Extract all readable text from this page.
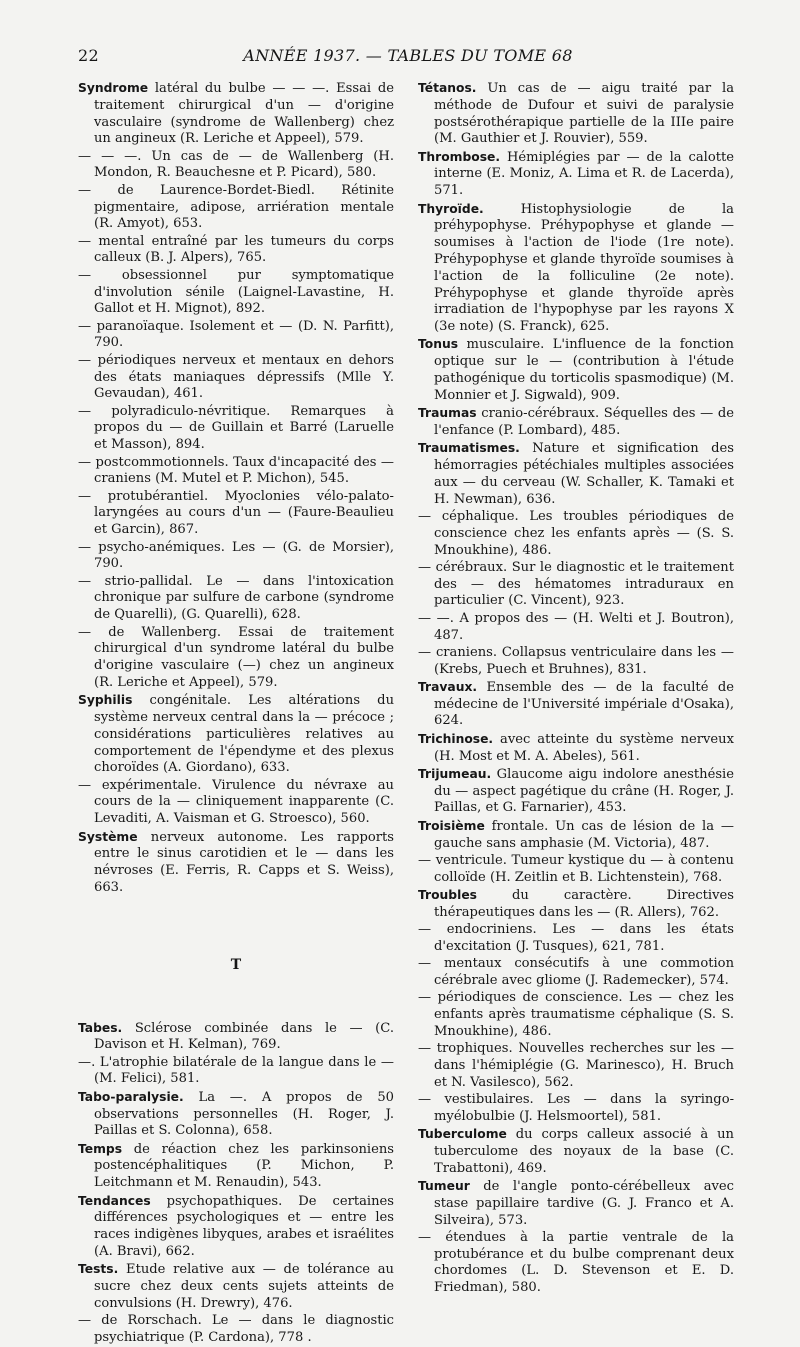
22	ANNÉE 1937. — TABLES DU TOME 68
Syndrome latéral du bulbe — — —. Essai de traitement chirurgical d'un — d'origine vasculaire (syndrome de Wallenberg) chez un angineux (R. Leriche et Appeel), 579.
— — —. Un cas de — de Wallenberg (H. Mondon, R. Beauchesne et P. Picard), 580.
— de Laurence-Bordet-Biedl. Rétinite pigmentaire, adipose, arriération mentale (R. Amyot), 653.
— mental entraîné par les tumeurs du corps calleux (B. J. Alpers), 765.
— obsessionnel pur symptomatique d'involution sénile (Laignel-Lavastine, H. Gallot et H. Mignot), 892.
— paranoïaque. Isolement et — (D. N. Parfitt), 790.
— périodiques nerveux et mentaux en dehors des états maniaques dépressifs (Mlle Y. Gevaudan), 461.
— polyradiculo-névritique. Remarques à propos du — de Guillain et Barré (Laruelle et Masson), 894.
— postcommotionnels. Taux d'incapacité des — craniens (M. Mutel et P. Michon), 545.
— protubérantiel. Myoclonies vélo-palato-laryngées au cours d'un — (Faure-Beaulieu et Garcin), 867.
— psycho-anémiques. Les — (G. de Morsier), 790.
— strio-pallidal. Le — dans l'intoxication chronique par sulfure de carbone (syndrome de Quarelli), (G. Quarelli), 628.
— de Wallenberg. Essai de traitement chirurgical d'un syndrome latéral du bulbe d'origine vasculaire (—) chez un angineux (R. Leriche et Appeel), 579.
Syphilis congénitale. Les altérations du système nerveux central dans la — précoce ; considérations particulières relatives au comportement de l'épendyme et des plexus choroïdes (A. Giordano), 633.
— expérimentale. Virulence du névraxe au cours de la — cliniquement inapparente (C. Levaditi, A. Vaisman et G. Stroesco), 560.
Système nerveux autonome. Les rapports entre le sinus carotidien et le — dans les névroses (E. Ferris, R. Capps et S. Weiss), 663.
T
Tabes. Sclérose combinée dans le — (C. Davison et H. Kelman), 769.
—. L'atrophie bilatérale de la langue dans le — (M. Felici), 581.
Tabo-paralysie. La —. A propos de 50 observations personnelles (H. Roger, J. Paillas et S. Colonna), 658.
Temps de réaction chez les parkinsoniens postencéphalitiques (P. Michon, P. Leitchmann et M. Renaudin), 543.
Tendances psychopathiques. De certaines différences psychologiques et — entre les races indigènes libyques, arabes et israélites (A. Bravi), 662.
Tests. Etude relative aux — de tolérance au sucre chez deux cents sujets atteints de convulsions (H. Drewry), 476.
— de Rorschach. Le — dans le diagnostic psychiatrique (P. Cardona), 778 .
Tétanos. Un cas de — aigu traité par la méthode de Dufour et suivi de paralysie postsérothérapique partielle de la IIIe paire (M. Gauthier et J. Rouvier), 559.
Thrombose. Hémiplégies par — de la calotte interne (E. Moniz, A. Lima et R. de Lacerda), 571.
Thyroïde. Histophysiologie de la préhypophyse. Préhypophyse et glande — soumises à l'action de l'iode (1re note). Préhypophyse et glande thyroïde soumises à l'action de la folliculine (2e note). Préhypophyse et glande thyroïde après irradiation de l'hypophyse par les rayons X (3e note) (S. Franck), 625.
Tonus musculaire. L'influence de la fonction optique sur le — (contribution à l'étude pathogénique du torticolis spasmodique) (M. Monnier et J. Sigwald), 909.
Traumas cranio-cérébraux. Séquelles des — de l'enfance (P. Lombard), 485.
Traumatismes. Nature et signification des hémorragies pétéchiales multiples associées aux — du cerveau (W. Schaller, K. Tamaki et H. Newman), 636.
— céphalique. Les troubles périodiques de conscience chez les enfants après — (S. S. Mnoukhine), 486.
— cérébraux. Sur le diagnostic et le traitement des — des hématomes intraduraux en particulier (C. Vincent), 923.
— —. A propos des — (H. Welti et J. Boutron), 487.
— craniens. Collapsus ventriculaire dans les — (Krebs, Puech et Bruhnes), 831.
Travaux. Ensemble des — de la faculté de médecine de l'Université impériale d'Osaka), 624.
Trichinose. avec atteinte du système nerveux (H. Most et M. A. Abeles), 561.
Trijumeau. Glaucome aigu indolore anesthésie du — aspect pagétique du crâne (H. Roger, J. Paillas, et G. Farnarier), 453.
Troisième frontale. Un cas de lésion de la — gauche sans amphasie (M. Victoria), 487.
— ventricule. Tumeur kystique du — à contenu colloïde (H. Zeitlin et B. Lichtenstein), 768.
Troubles du caractère. Directives thérapeutiques dans les — (R. Allers), 762.
— endocriniens. Les — dans les états d'excitation (J. Tusques), 621, 781.
— mentaux consécutifs à une commotion cérébrale avec gliome (J. Rademecker), 574.
— périodiques de conscience. Les — chez les enfants après traumatisme céphalique (S. S. Mnoukhine), 486.
— trophiques. Nouvelles recherches sur les — dans l'hémiplégie (G. Marinesco), H. Bruch et N. Vasilesco), 562.
— vestibulaires. Les — dans la syringo-myélobulbie (J. Helsmoortel), 581.
Tuberculome du corps calleux associé à un tuberculome des noyaux de la base (C. Trabattoni), 469.
Tumeur de l'angle ponto-cérébelleux avec stase papillaire tardive (G. J. Franco et A. Silveira), 573.
— étendues à la partie ventrale de la protubérance et du bulbe comprenant deux chordomes (L. D. Stevenson et E. D. Friedman), 580.
